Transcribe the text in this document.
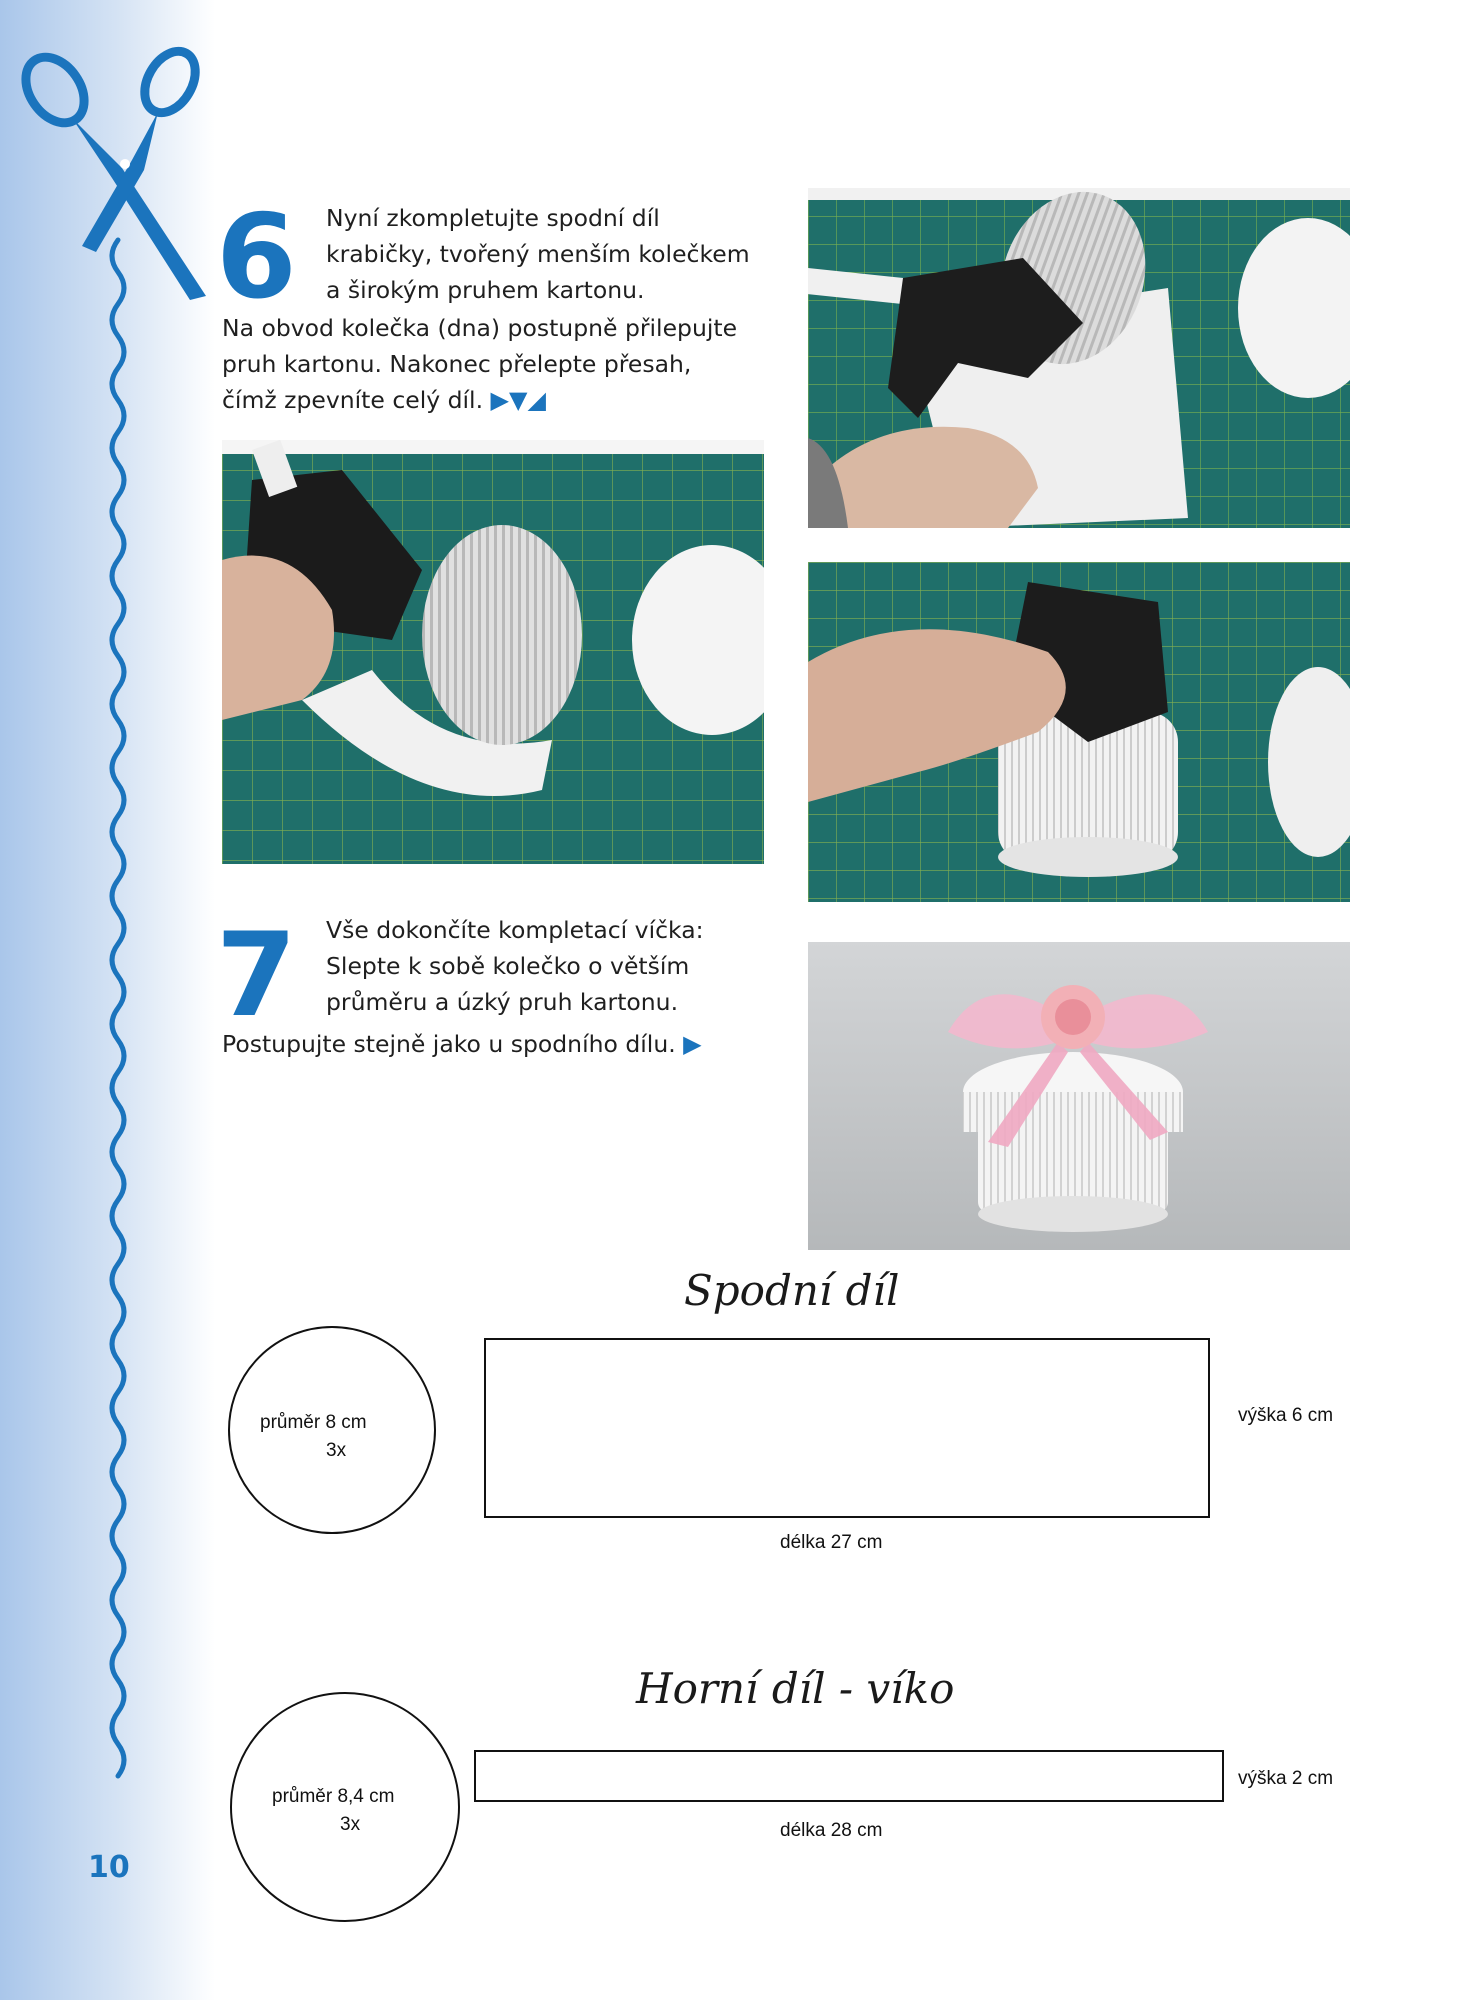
10
6 Nyní zkompletujte spodní díl
krabičky, tvořený menším kolečkem
a širokým pruhem kartonu.
Na obvod kolečka (dna) postupně přilepujte
pruh kartonu. Nakonec přelepte přesah,
čímž zpevníte celý díl. ▶▼◢
7 Vše dokončíte kompletací víčka:
Slepte k sobě kolečko o větším
průměru a úzký pruh kartonu.
Postupujte stejně jako u spodního dílu. ▶
Spodní díl
průměr 8 cm
3x
výška 6 cm
délka 27 cm
Horní díl - víko
průměr 8,4 cm
3x
výška 2 cm
délka 28 cm
